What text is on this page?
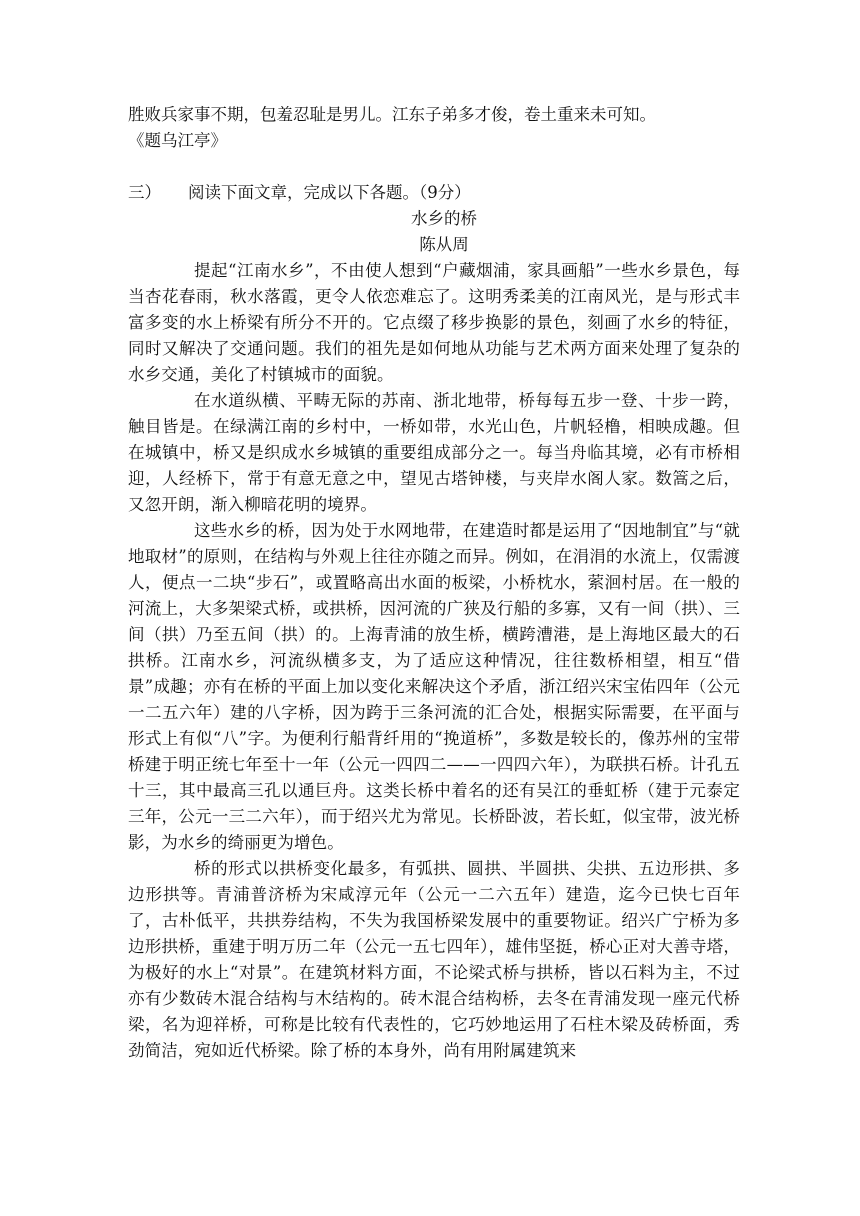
胜败兵家事不期，包羞忍耻是男儿。江东子弟多才俊，卷土重来未可知。

《题乌江亭》

三） 阅读下面文章，完成以下各题。（9分）

水乡的桥

陈从周

提起“江南水乡”，不由使人想到“户藏烟浦，家具画船”一些水乡景色，每当杏花春雨，秋水落霞，更令人依恋难忘了。这明秀柔美的江南风光，是与形式丰富多变的水上桥梁有所分不开的。它点缀了移步换影的景色，刻画了水乡的特征，同时又解决了交通问题。我们的祖先是如何地从功能与艺术两方面来处理了复杂的水乡交通，美化了村镇城市的面貌。

在水道纵横、平畴无际的苏南、浙北地带，桥每每五步一登、十步一跨，触目皆是。在绿满江南的乡村中，一桥如带，水光山色，片帆轻橹，相映成趣。但在城镇中，桥又是织成水乡城镇的重要组成部分之一。每当舟临其境，必有市桥相迎，人经桥下，常于有意无意之中，望见古塔钟楼，与夹岸水阁人家。数篙之后，又忽开朗，渐入柳暗花明的境界。

这些水乡的桥，因为处于水网地带，在建造时都是运用了“因地制宜”与“就地取材”的原则，在结构与外观上往往亦随之而异。例如，在涓涓的水流上，仅需渡人，便点一二块“步石”，或置略高出水面的板梁，小桥枕水，萦洄村居。在一般的河流上，大多架梁式桥，或拱桥，因河流的广狭及行船的多寡，又有一间（拱）、三间（拱）乃至五间（拱）的。上海青浦的放生桥，横跨漕港，是上海地区最大的石拱桥。江南水乡，河流纵横多支，为了适应这种情况，往往数桥相望，相互“借景”成趣；亦有在桥的平面上加以变化来解决这个矛盾，浙江绍兴宋宝佑四年（公元一二五六年）建的八字桥，因为跨于三条河流的汇合处，根据实际需要，在平面与形式上有似“八”字。为便利行船背纤用的“挽道桥”，多数是较长的，像苏州的宝带桥建于明正统七年至十一年（公元一四四二——一四四六年），为联拱石桥。计孔五十三，其中最高三孔以通巨舟。这类长桥中着名的还有吴江的垂虹桥（建于元泰定三年，公元一三二六年），而于绍兴尤为常见。长桥卧波，若长虹，似宝带，波光桥影，为水乡的绮丽更为增色。

桥的形式以拱桥变化最多，有弧拱、圆拱、半圆拱、尖拱、五边形拱、多边形拱等。青浦普济桥为宋咸淳元年（公元一二六五年）建造，迄今已快七百年了，古朴低平，共拱券结构，不失为我国桥梁发展中的重要物证。绍兴广宁桥为多边形拱桥，重建于明万历二年（公元一五七四年），雄伟坚挺，桥心正对大善寺塔，为极好的水上“对景”。在建筑材料方面，不论梁式桥与拱桥，皆以石料为主，不过亦有少数砖木混合结构与木结构的。砖木混合结构桥，去冬在青浦发现一座元代桥梁，名为迎祥桥，可称是比较有代表性的，它巧妙地运用了石柱木梁及砖桥面，秀劲简洁，宛如近代桥梁。除了桥的本身外，尚有用附属建筑来
